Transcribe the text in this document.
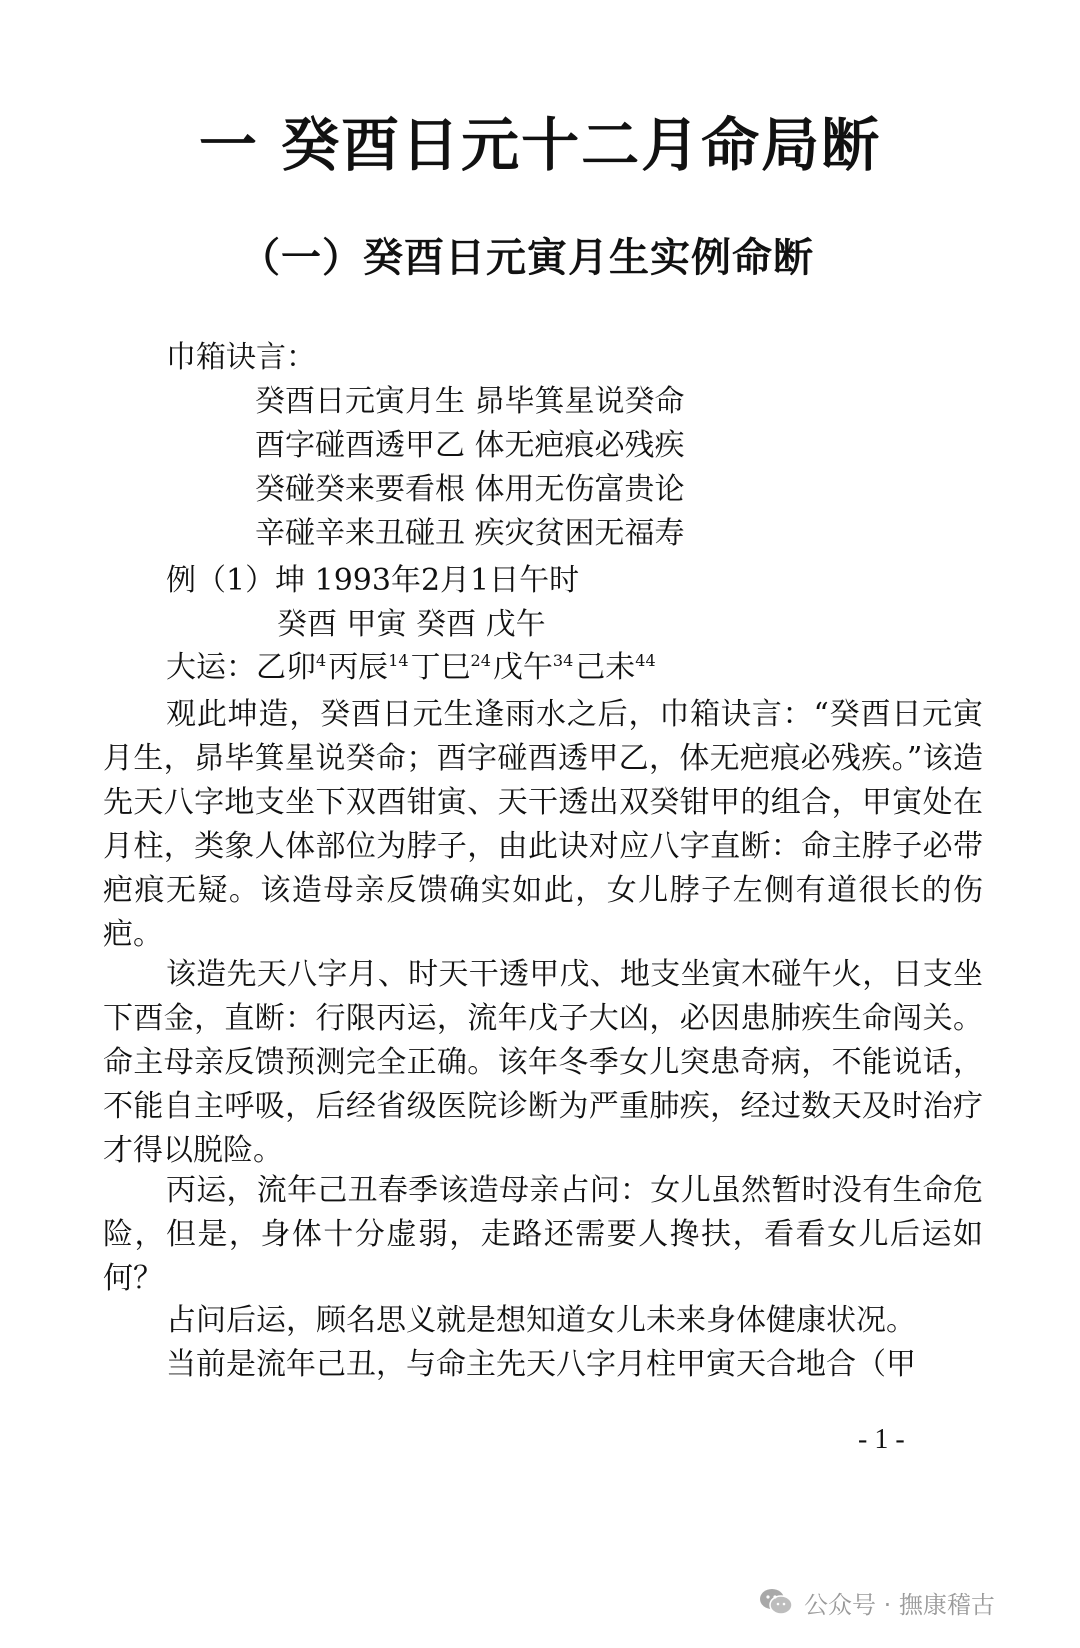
一 癸酉日元十二月命局断
（一）癸酉日元寅月生实例命断
巾箱诀言：
癸酉日元寅月生 昴毕箕星说癸命
酉字碰酉透甲乙 体无疤痕必残疾
癸碰癸来要看根 体用无伤富贵论
辛碰辛来丑碰丑 疾灾贫困无福寿
例（1）坤 1993年2月1日午时
癸酉 甲寅 癸酉 戊午
大运：乙卯$^4$丙辰$^{14}$丁巳$^{24}$戊午$^{34}$己未$^{44}$

观此坤造，癸酉日元生逢雨水之后，巾箱诀言：“癸酉日元寅月生，昴毕箕星说癸命；酉字碰酉透甲乙，体无疤痕必残疾。”该造先天八字地支坐下双酉钳寅、天干透出双癸钳甲的组合，甲寅处在月柱，类象人体部位为脖子，由此诀对应八字直断：命主脖子必带疤痕无疑。该造母亲反馈确实如此，女儿脖子左侧有道很长的伤疤。

该造先天八字月、时天干透甲戊、地支坐寅木碰午火，日支坐下酉金，直断：行限丙运，流年戊子大凶，必因患肺疾生命闯关。命主母亲反馈预测完全正确。该年冬季女儿突患奇病，不能说话，不能自主呼吸，后经省级医院诊断为严重肺疾，经过数天及时治疗才得以脱险。

丙运，流年己丑春季该造母亲占问：女儿虽然暂时没有生命危险，但是，身体十分虚弱，走路还需要人搀扶，看看女儿后运如何？

占问后运，顾名思义就是想知道女儿未来身体健康状况。

当前是流年己丑，与命主先天八字月柱甲寅天合地合（甲

- 1 -
公众号 · 撫康稽古
